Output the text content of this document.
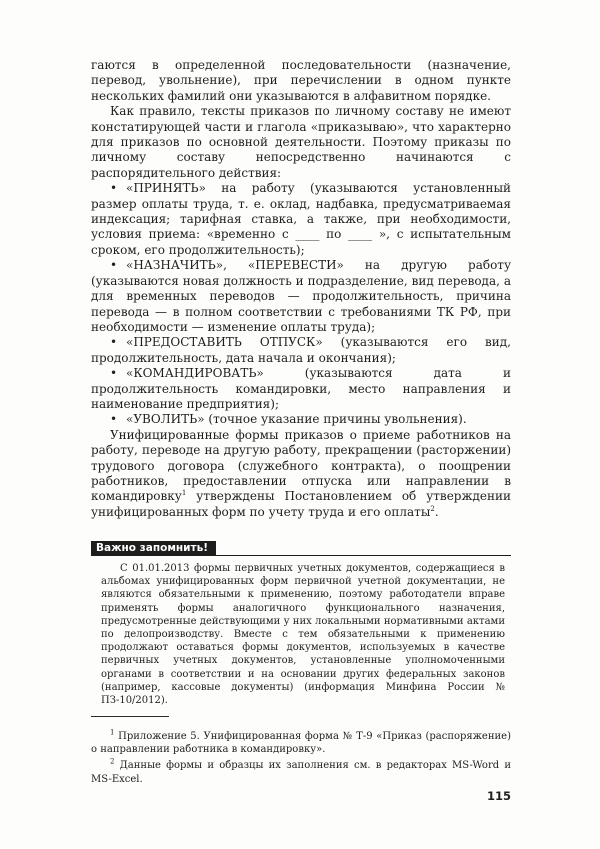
гаются в определенной последовательности (назначение, перевод, увольнение), при перечислении в одном пункте нескольких фамилий они указываются в алфавитном порядке.

Как правило, тексты приказов по личному составу не имеют констатирующей части и глагола «приказываю», что характерно для приказов по основной деятельности. Поэтому приказы по личному составу непосредственно начинаются с распорядительного действия:

• «ПРИНЯТЬ» на работу (указываются установленный размер оплаты труда, т. е. оклад, надбавка, предусматриваемая индексация; тарифная ставка, а также, при необходимости, условия приема: «временно с ____ по ____ », с испытательным сроком, его продолжительность);
• «НАЗНАЧИТЬ», «ПЕРЕВЕСТИ» на другую работу (указываются новая должность и подразделение, вид перевода, а для временных переводов — продолжительность, причина перевода — в полном соответствии с требованиями ТК РФ, при необходимости — изменение оплаты труда);
• «ПРЕДОСТАВИТЬ ОТПУСК» (указываются его вид, продолжительность, дата начала и окончания);
• «КОМАНДИРОВАТЬ» (указываются дата и продолжительность командировки, место направления и наименование предприятия);
• «УВОЛИТЬ» (точное указание причины увольнения).

Унифицированные формы приказов о приеме работников на работу, переводе на другую работу, прекращении (расторжении) трудового договора (служебного контракта), о поощрении работников, предоставлении отпуска или направлении в командировку$^1$ утверждены Постановлением об утверждении унифицированных форм по учету труда и его оплаты$^2$.

Важно запомнить!

С 01.01.2013 формы первичных учетных документов, содержащиеся в альбомах унифицированных форм первичной учетной документации, не являются обязательными к применению, поэтому работодатели вправе применять формы аналогичного функционального назначения, предусмотренные действующими у них локальными нормативными актами по делопроизводству. Вместе с тем обязательными к применению продолжают оставаться формы документов, используемых в качестве первичных учетных документов, установленные уполномоченными органами в соответствии и на основании других федеральных законов (например, кассовые документы) (информация Минфина России № ПЗ-10/2012).

$^1$ Приложение 5. Унифицированная форма № Т-9 «Приказ (распоряжение) о направлении работника в командировку».

$^2$ Данные формы и образцы их заполнения см. в редакторах MS-Word и MS-Excel.

115
